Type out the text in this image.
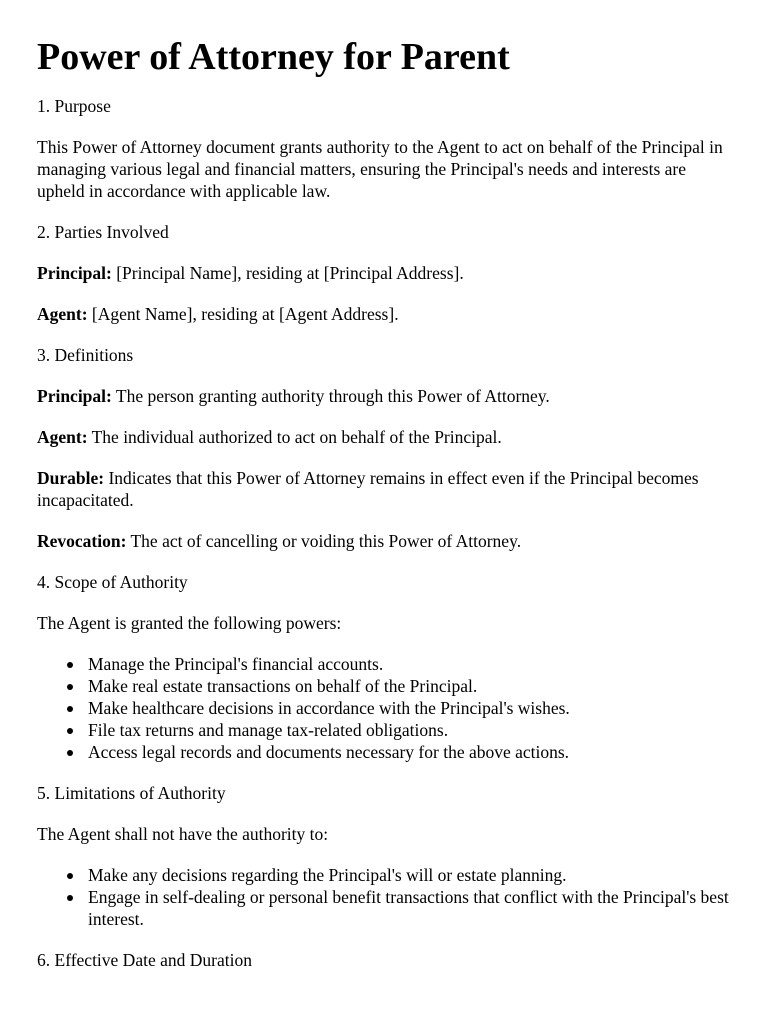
Power of Attorney for Parent

1. Purpose

This Power of Attorney document grants authority to the Agent to act on behalf of the Principal in managing various legal and financial matters, ensuring the Principal's needs and interests are upheld in accordance with applicable law.

2. Parties Involved

Principal: [Principal Name], residing at [Principal Address].

Agent: [Agent Name], residing at [Agent Address].

3. Definitions

Principal: The person granting authority through this Power of Attorney.

Agent: The individual authorized to act on behalf of the Principal.

Durable: Indicates that this Power of Attorney remains in effect even if the Principal becomes incapacitated.

Revocation: The act of cancelling or voiding this Power of Attorney.

4. Scope of Authority

The Agent is granted the following powers:

Manage the Principal's financial accounts.
Make real estate transactions on behalf of the Principal.
Make healthcare decisions in accordance with the Principal's wishes.
File tax returns and manage tax-related obligations.
Access legal records and documents necessary for the above actions.

5. Limitations of Authority

The Agent shall not have the authority to:

Make any decisions regarding the Principal's will or estate planning.
Engage in self-dealing or personal benefit transactions that conflict with the Principal's best interest.

6. Effective Date and Duration
